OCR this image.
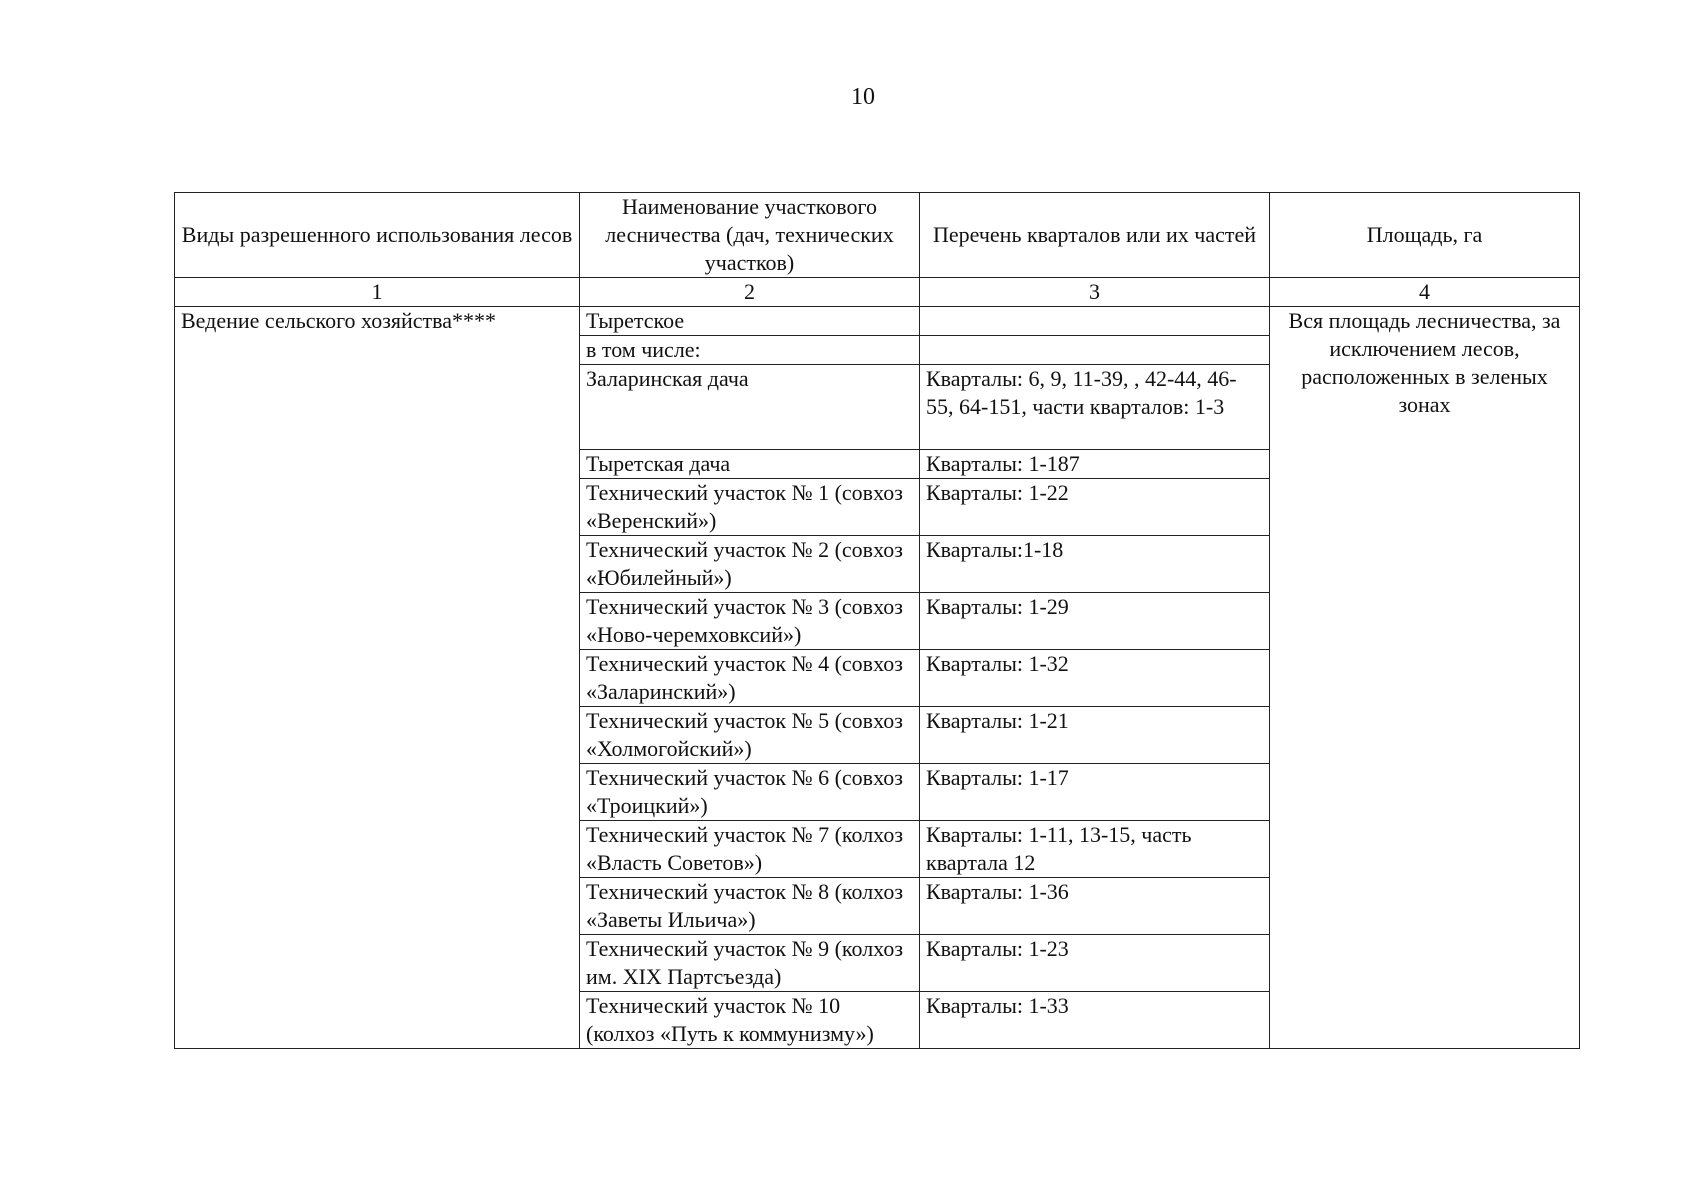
10
Виды разрешенного использования лесов	Наименование участкового лесничества (дач, технических участков)	Перечень кварталов или их частей	Площадь, га
1	2	3	4
Ведение сельского хозяйства****	Тыретское		Вся площадь лесничества, за исключением лесов, расположенных в зеленых зонах
	в том числе:		
	Заларинская дача	Кварталы: 6, 9, 11-39, , 42-44, 46-55, 64-151, части кварталов: 1-3	
	Тыретская дача	Кварталы: 1-187	
	Технический участок № 1 (совхоз «Веренский»)	Кварталы: 1-22	
	Технический участок № 2 (совхоз «Юбилейный»)	Кварталы:1-18	
	Технический участок № 3 (совхоз «Ново-черемховксий»)	Кварталы: 1-29	
	Технический участок № 4 (совхоз «Заларинский»)	Кварталы: 1-32	
	Технический участок № 5 (совхоз «Холмогойский»)	Кварталы: 1-21	
	Технический участок № 6 (совхоз «Троицкий»)	Кварталы: 1-17	
	Технический участок № 7 (колхоз «Власть Советов»)	Кварталы: 1-11, 13-15, часть квартала 12	
	Технический участок № 8 (колхоз «Заветы Ильича»)	Кварталы: 1-36	
	Технический участок № 9 (колхоз им. XIX Партсъезда)	Кварталы: 1-23	
	Технический участок № 10 (колхоз «Путь к коммунизму»)	Кварталы: 1-33	
